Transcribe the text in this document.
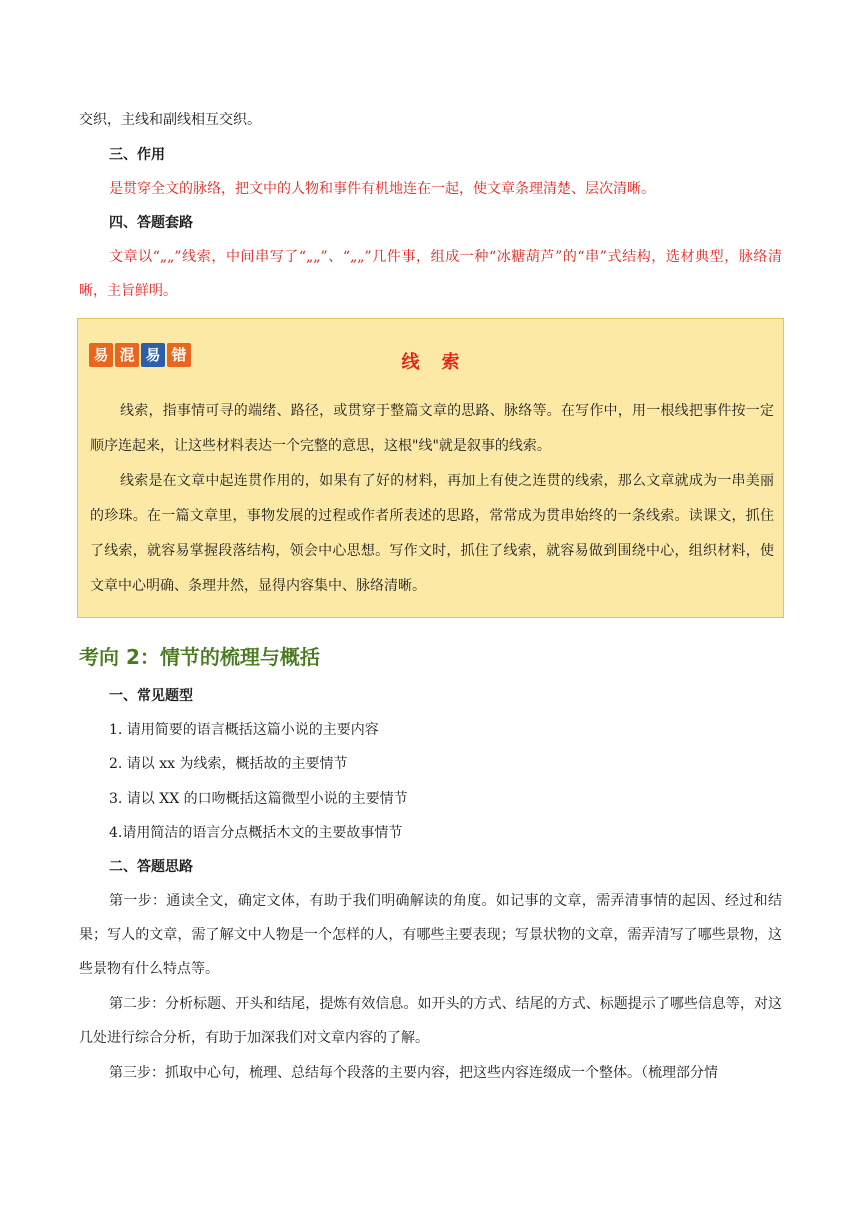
交织，主线和副线相互交织。

三、作用

是贯穿全文的脉络，把文中的人物和事件有机地连在一起，使文章条理清楚、层次清晰。

四、答题套路

文章以“„„”线索，中间串写了“„„”、“„„”几件事，组成一种“冰糖葫芦”的“串”式结构，选材典型，脉络清晰，主旨鲜明。

易 混 易 错	线索

线索，指事情可寻的端绪、路径，或贯穿于整篇文章的思路、脉络等。在写作中，用一根线把事件按一定顺序连起来，让这些材料表达一个完整的意思，这根"线"就是叙事的线索。

线索是在文章中起连贯作用的，如果有了好的材料，再加上有使之连贯的线索，那么文章就成为一串美丽的珍珠。在一篇文章里，事物发展的过程或作者所表述的思路，常常成为贯串始终的一条线索。读课文，抓住了线索，就容易掌握段落结构，领会中心思想。写作文时，抓住了线索，就容易做到围绕中心，组织材料，使文章中心明确、条理井然，显得内容集中、脉络清晰。

考向 2：情节的梳理与概括

一、常见题型

1. 请用简要的语言概括这篇小说的主要内容

2. 请以 xx 为线索，概括故的主要情节

3. 请以 XX 的口吻概括这篇微型小说的主要情节

4.请用简洁的语言分点概括木文的主要故事情节

二、答题思路

第一步：通读全文，确定文体，有助于我们明确解读的角度。如记事的文章，需弄清事情的起因、经过和结果；写人的文章，需了解文中人物是一个怎样的人，有哪些主要表现；写景状物的文章，需弄清写了哪些景物，这些景物有什么特点等。

第二步：分析标题、开头和结尾，提炼有效信息。如开头的方式、结尾的方式、标题提示了哪些信息等，对这几处进行综合分析，有助于加深我们对文章内容的了解。

第三步：抓取中心句，梳理、总结每个段落的主要内容，把这些内容连缀成一个整体。（梳理部分情
